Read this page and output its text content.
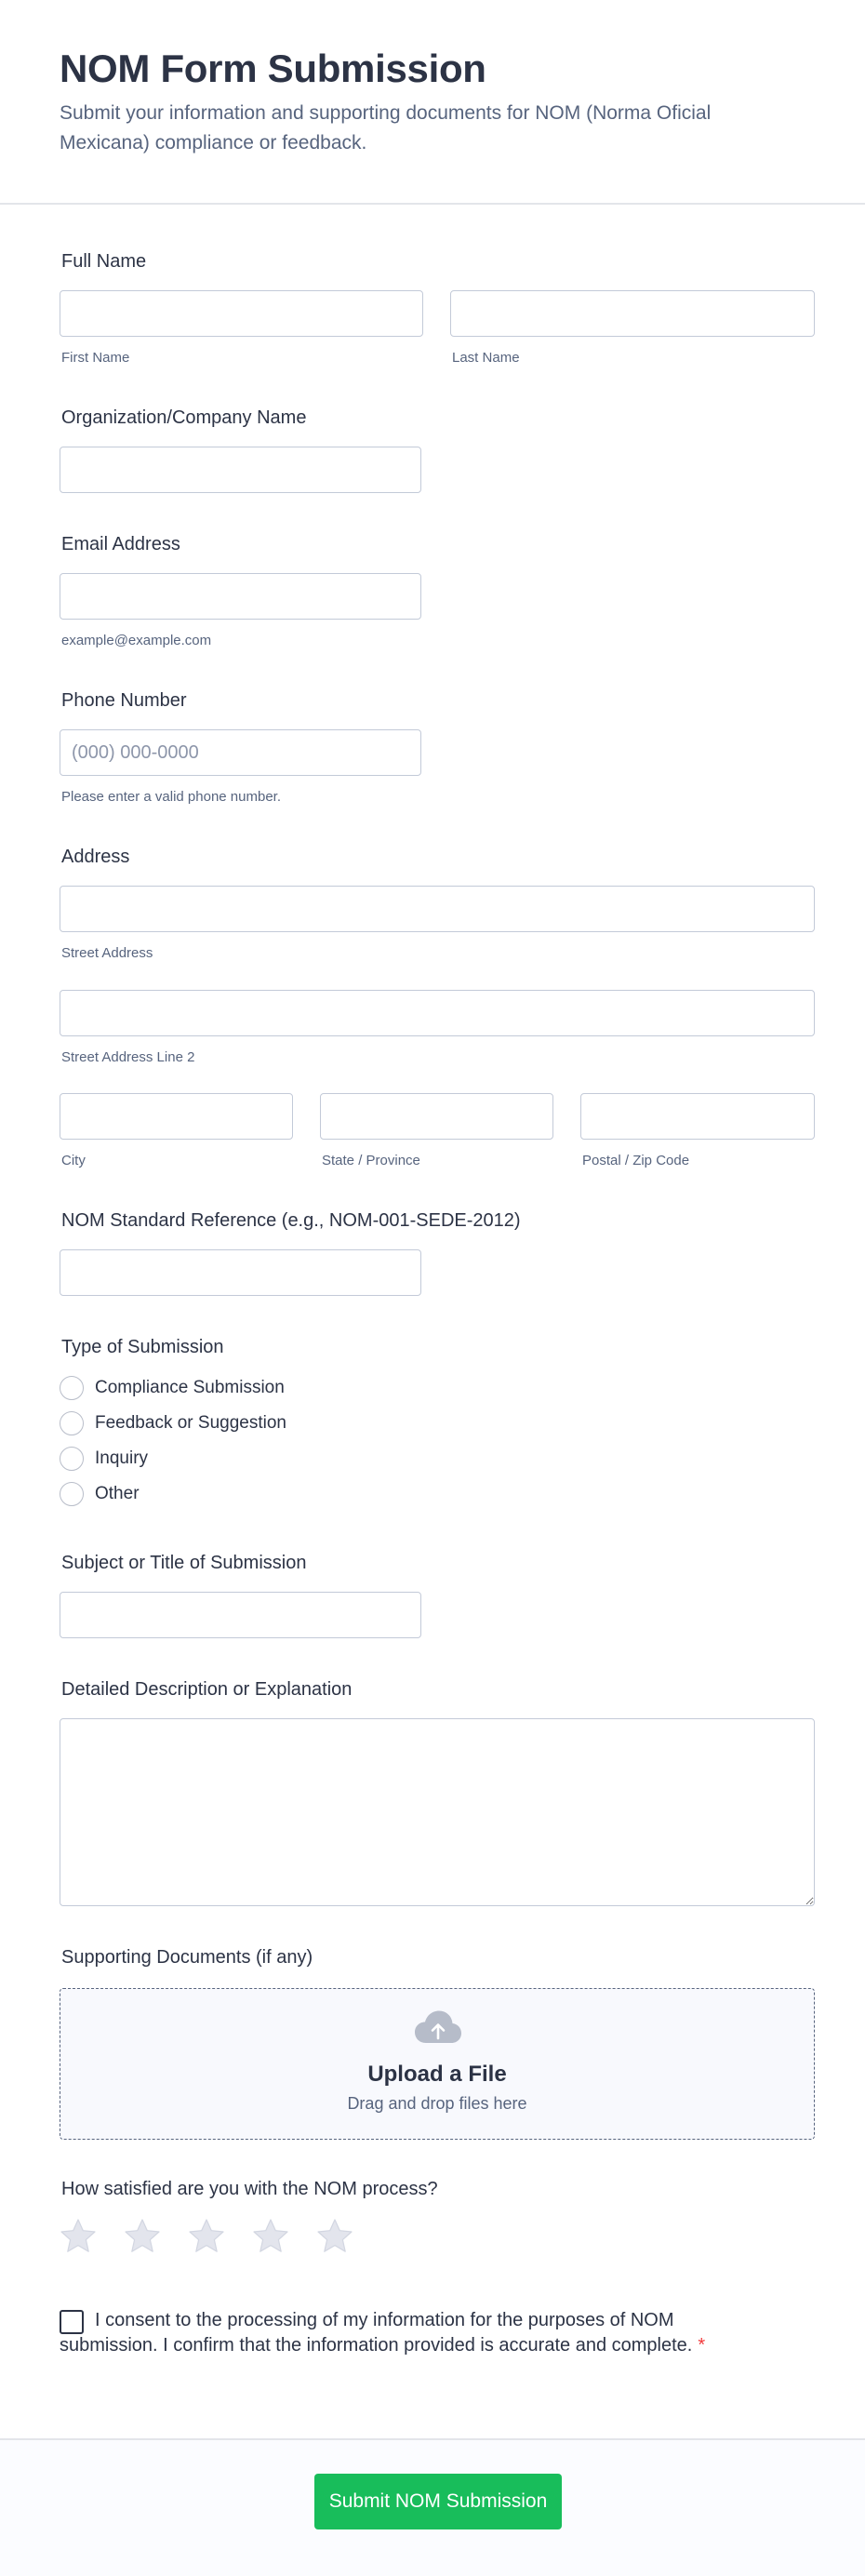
NOM Form Submission

Submit your information and supporting documents for NOM (Norma Oficial Mexicana) compliance or feedback.

Full Name
First Name	Last Name
Organization/Company Name
Email Address
example@example.com
Phone Number
(000) 000-0000
Please enter a valid phone number.
Address
Street Address
Street Address Line 2
City	State / Province	Postal / Zip Code
NOM Standard Reference (e.g., NOM-001-SEDE-2012)
Type of Submission
Compliance Submission
Feedback or Suggestion
Inquiry
Other
Subject or Title of Submission
Detailed Description or Explanation
Supporting Documents (if any)
Upload a File
Drag and drop files here
How satisfied are you with the NOM process?
I consent to the processing of my information for the purposes of NOM submission. I confirm that the information provided is accurate and complete. *
Submit NOM Submission
